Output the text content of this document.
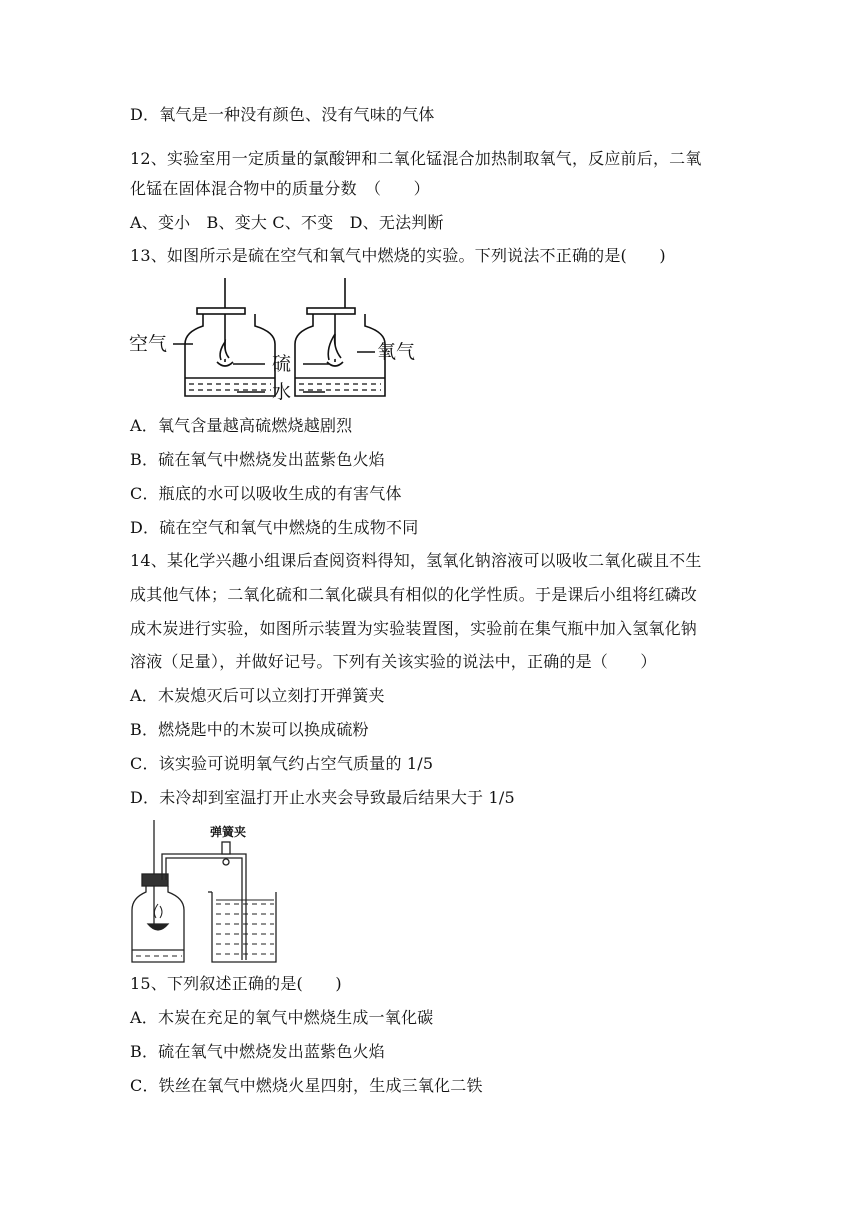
D．氧气是一种没有颜色、没有气味的气体
12、实验室用一定质量的氯酸钾和二氧化锰混合加热制取氧气，反应前后，二氧
化锰在固体混合物中的质量分数　（　　）
A、变小　B、变大 C、不变　D、无法判断
13、如图所示是硫在空气和氧气中燃烧的实验。下列说法不正确的是(　　)
空气
硫
氧气
水
A．氧气含量越高硫燃烧越剧烈
B．硫在氧气中燃烧发出蓝紫色火焰
C．瓶底的水可以吸收生成的有害气体
D．硫在空气和氧气中燃烧的生成物不同
14、某化学兴趣小组课后查阅资料得知，氢氧化钠溶液可以吸收二氧化碳且不生
成其他气体；二氧化硫和二氧化碳具有相似的化学性质。于是课后小组将红磷改
成木炭进行实验，如图所示装置为实验装置图，实验前在集气瓶中加入氢氧化钠
溶液（足量），并做好记号。下列有关该实验的说法中，正确的是（　　）
A．木炭熄灭后可以立刻打开弹簧夹
B．燃烧匙中的木炭可以换成硫粉
C．该实验可说明氧气约占空气质量的 1/5
D．未冷却到室温打开止水夹会导致最后结果大于 1/5
弹簧夹
15、下列叙述正确的是(　　)
A．木炭在充足的氧气中燃烧生成一氧化碳
B．硫在氧气中燃烧发出蓝紫色火焰
C．铁丝在氧气中燃烧火星四射，生成三氧化二铁
